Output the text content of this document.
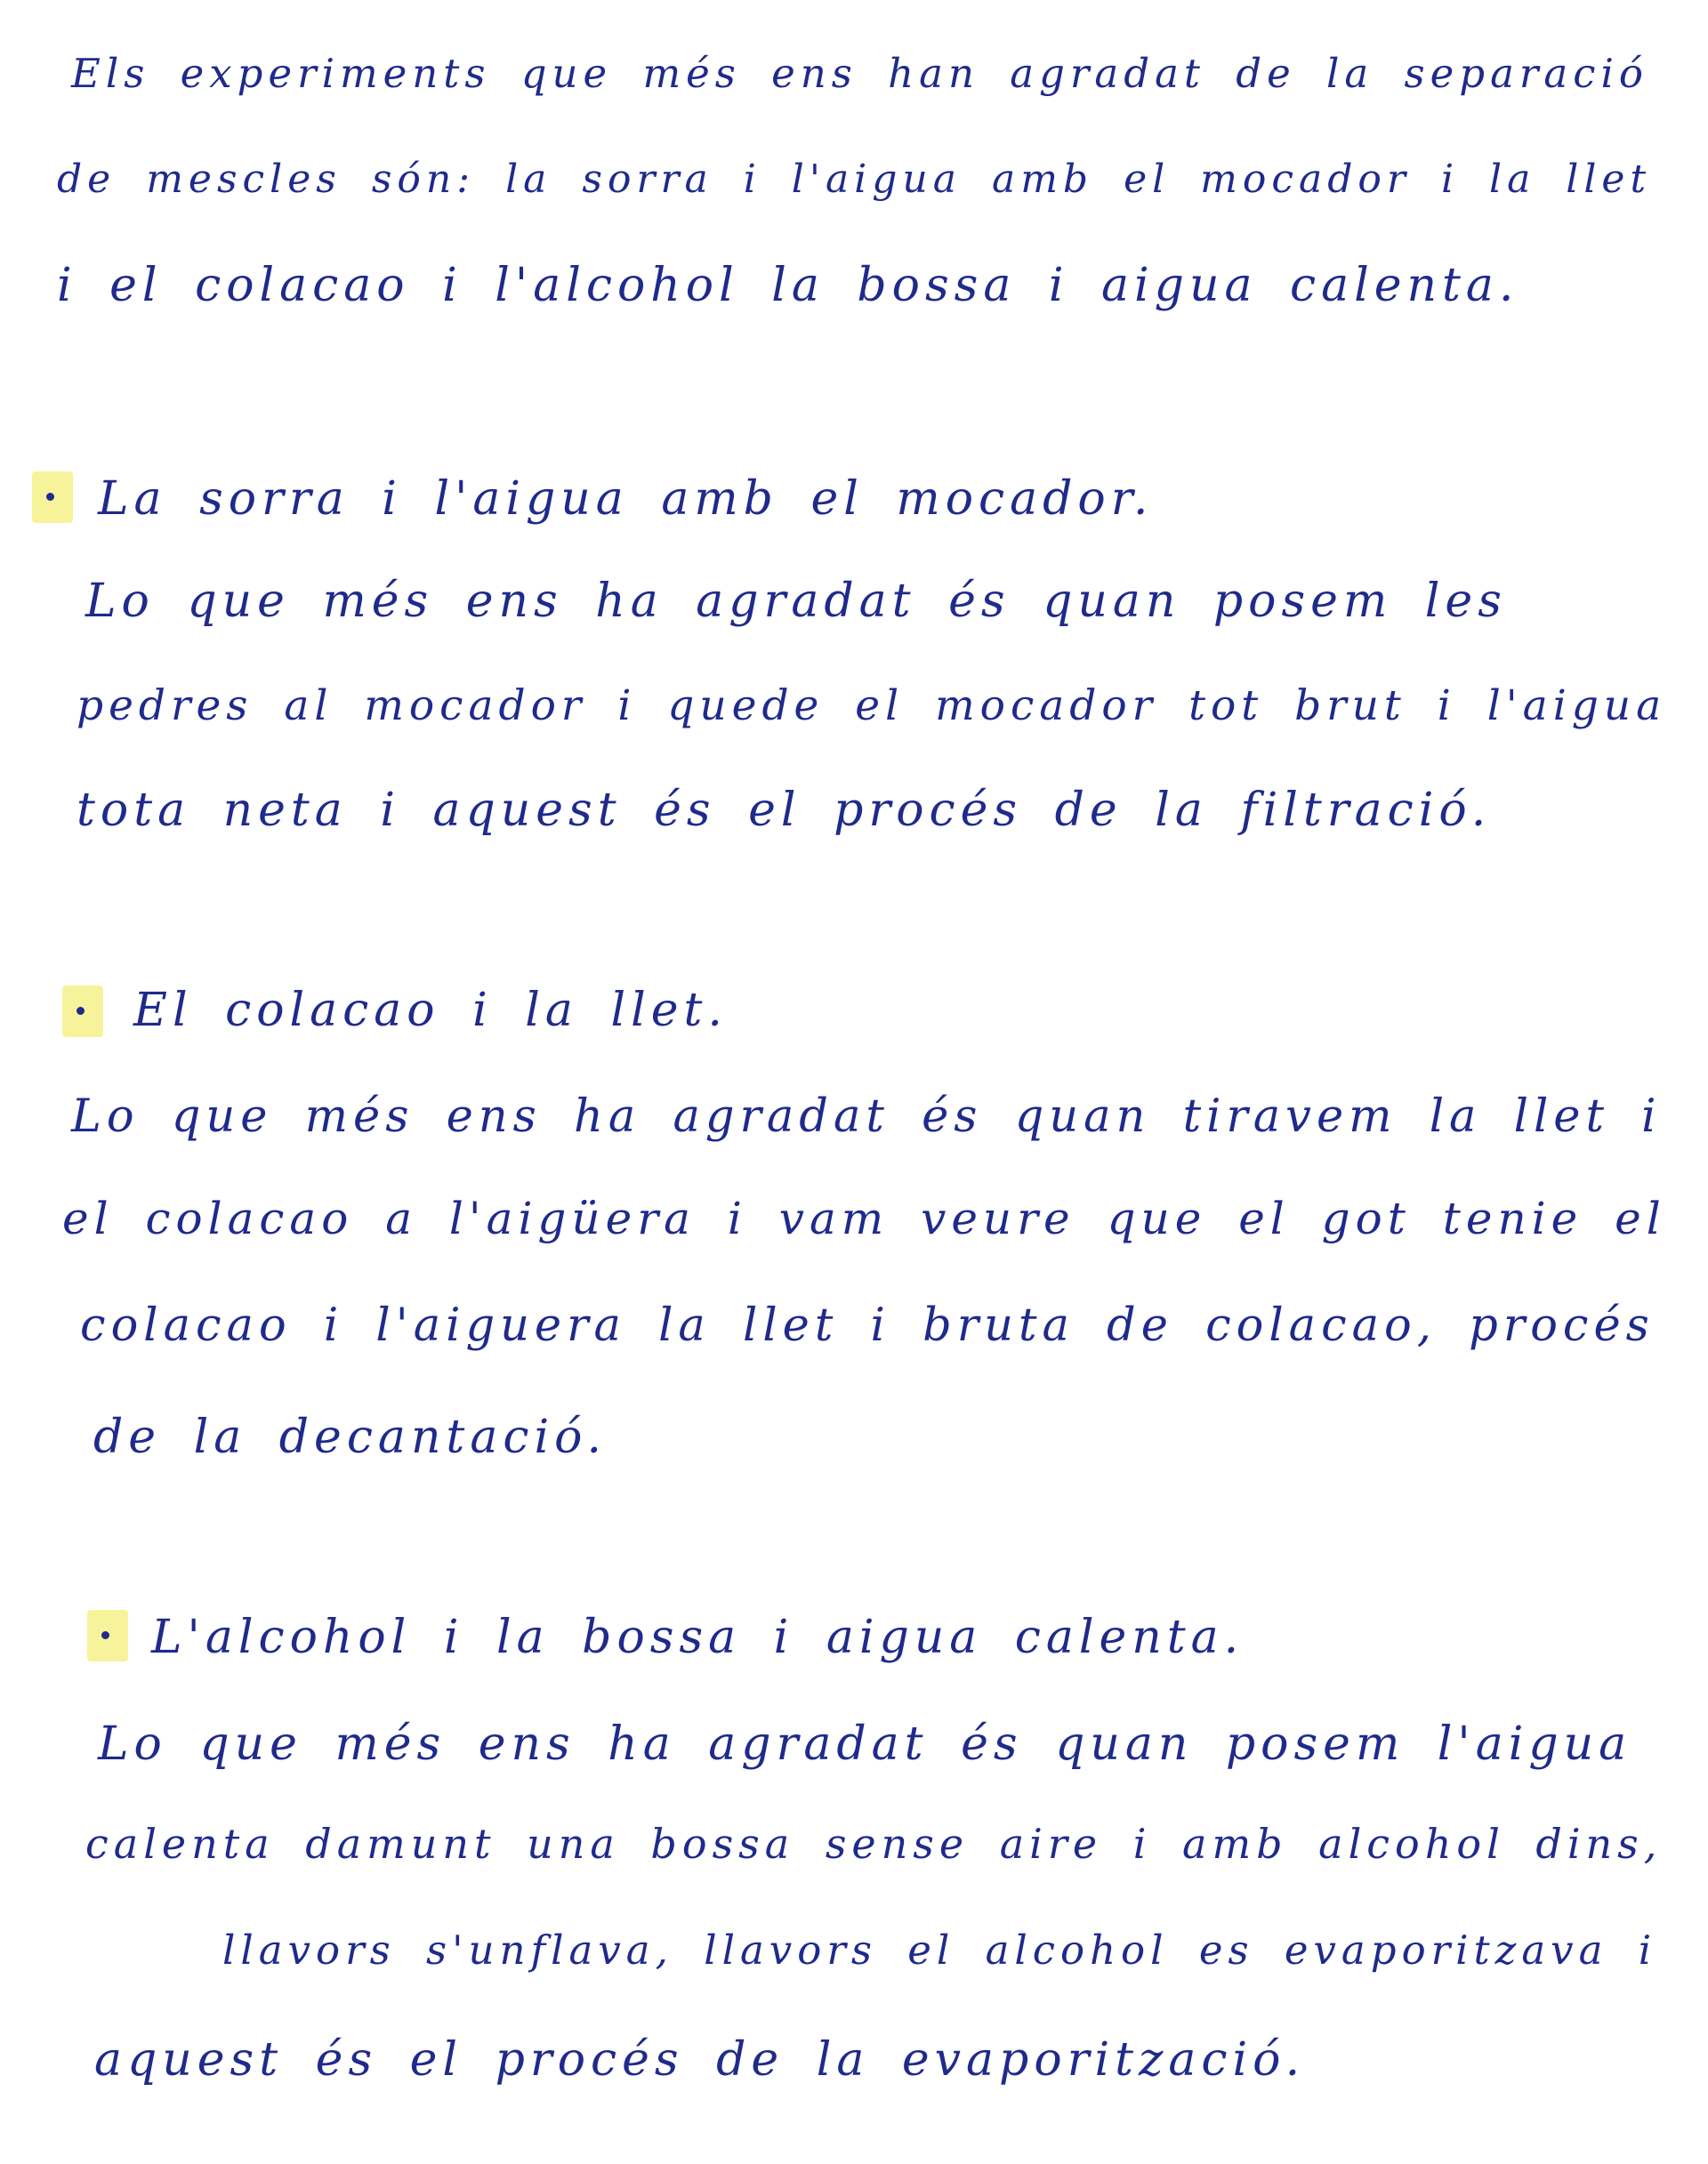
Els experiments que més ens han agradat de la separació
de mescles són: la sorra i l'aigua amb el mocador i la llet
i el colacao i l'alcohol la bossa i aigua calenta.
La sorra i l'aigua amb el mocador.
Lo que més ens ha agradat és quan posem les
pedres al mocador i quede el mocador tot brut i l'aigua
tota neta i aquest és el procés de la filtració.
El colacao i la llet.
Lo que més ens ha agradat és quan tiravem la llet i
el colacao a l'aigüera i vam veure que el got tenie el
colacao i l'aiguera la llet i bruta de colacao, procés
de la decantació.
L'alcohol i la bossa i aigua calenta.
Lo que més ens ha agradat és quan posem l'aigua
calenta damunt una bossa sense aire i amb alcohol dins,
llavors s'unflava, llavors el alcohol es evaporitzava i
aquest és el procés de la evaporització.
